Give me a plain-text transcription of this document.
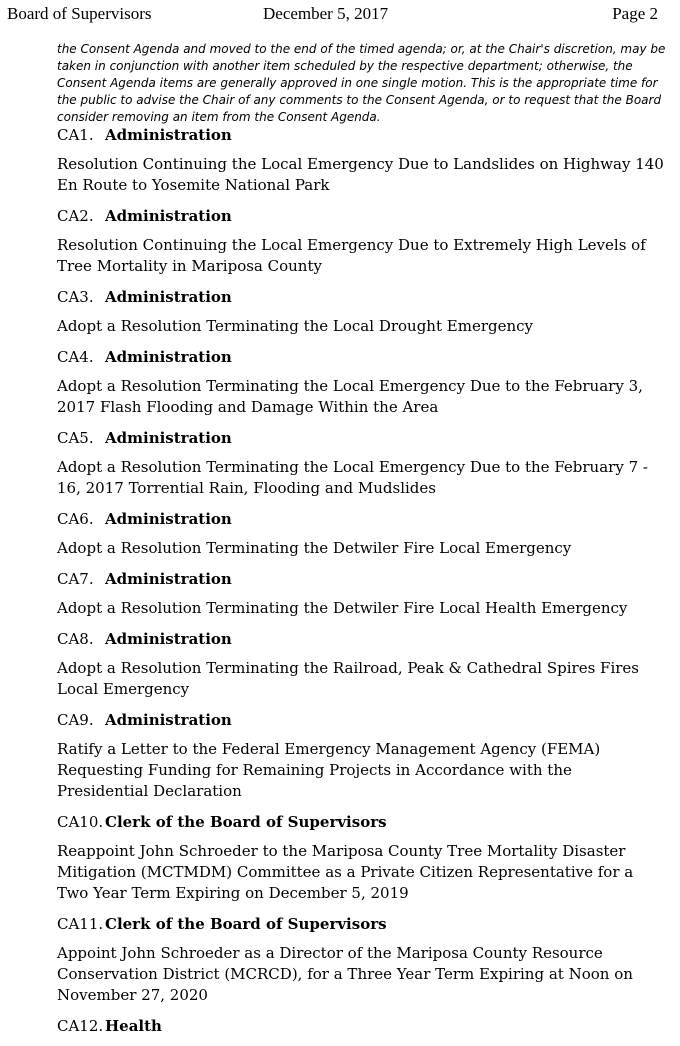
Board of Supervisors	December 5, 2017	Page 2
the Consent Agenda and moved to the end of the timed agenda; or, at the Chair's discretion, may be taken in conjunction with another item scheduled by the respective department; otherwise, the Consent Agenda items are generally approved in one single motion. This is the appropriate time for the public to advise the Chair of any comments to the Consent Agenda, or to request that the Board consider removing an item from the Consent Agenda.
CA1. Administration
Resolution Continuing the Local Emergency Due to Landslides on Highway 140 En Route to Yosemite National Park
CA2. Administration
Resolution Continuing the Local Emergency Due to Extremely High Levels of Tree Mortality in Mariposa County
CA3. Administration
Adopt a Resolution Terminating the Local Drought Emergency
CA4. Administration
Adopt a Resolution Terminating the Local Emergency Due to the February 3, 2017 Flash Flooding and Damage Within the Area
CA5. Administration
Adopt a Resolution Terminating the Local Emergency Due to the February 7 - 16, 2017 Torrential Rain, Flooding and Mudslides
CA6. Administration
Adopt a Resolution Terminating the Detwiler Fire Local Emergency
CA7. Administration
Adopt a Resolution Terminating the Detwiler Fire Local Health Emergency
CA8. Administration
Adopt a Resolution Terminating the Railroad, Peak & Cathedral Spires Fires Local Emergency
CA9. Administration
Ratify a Letter to the Federal Emergency Management Agency (FEMA) Requesting Funding for Remaining Projects in Accordance with the Presidential Declaration
CA10. Clerk of the Board of Supervisors
Reappoint John Schroeder to the Mariposa County Tree Mortality Disaster Mitigation (MCTMDM) Committee as a Private Citizen Representative for a Two Year Term Expiring on December 5, 2019
CA11. Clerk of the Board of Supervisors
Appoint John Schroeder as a Director of the Mariposa County Resource Conservation District (MCRCD), for a Three Year Term Expiring at Noon on November 27, 2020
CA12. Health
